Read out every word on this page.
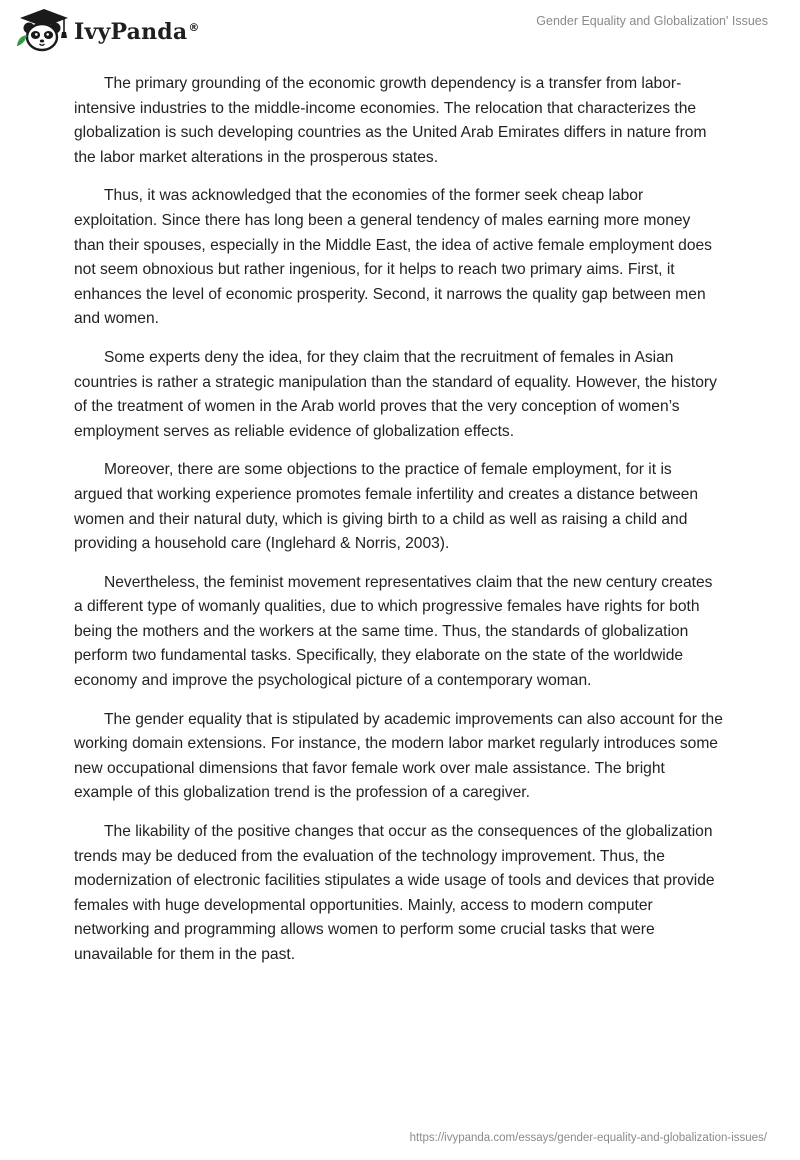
IvyPanda®	Gender Equality and Globalization' Issues

The primary grounding of the economic growth dependency is a transfer from labor-intensive industries to the middle-income economies. The relocation that characterizes the globalization is such developing countries as the United Arab Emirates differs in nature from the labor market alterations in the prosperous states.

Thus, it was acknowledged that the economies of the former seek cheap labor exploitation. Since there has long been a general tendency of males earning more money than their spouses, especially in the Middle East, the idea of active female employment does not seem obnoxious but rather ingenious, for it helps to reach two primary aims. First, it enhances the level of economic prosperity. Second, it narrows the quality gap between men and women.

Some experts deny the idea, for they claim that the recruitment of females in Asian countries is rather a strategic manipulation than the standard of equality. However, the history of the treatment of women in the Arab world proves that the very conception of women’s employment serves as reliable evidence of globalization effects.

Moreover, there are some objections to the practice of female employment, for it is argued that working experience promotes female infertility and creates a distance between women and their natural duty, which is giving birth to a child as well as raising a child and providing a household care (Inglehard & Norris, 2003).

Nevertheless, the feminist movement representatives claim that the new century creates a different type of womanly qualities, due to which progressive females have rights for both being the mothers and the workers at the same time. Thus, the standards of globalization perform two fundamental tasks. Specifically, they elaborate on the state of the worldwide economy and improve the psychological picture of a contemporary woman.

The gender equality that is stipulated by academic improvements can also account for the working domain extensions. For instance, the modern labor market regularly introduces some new occupational dimensions that favor female work over male assistance. The bright example of this globalization trend is the profession of a caregiver.

The likability of the positive changes that occur as the consequences of the globalization trends may be deduced from the evaluation of the technology improvement. Thus, the modernization of electronic facilities stipulates a wide usage of tools and devices that provide females with huge developmental opportunities. Mainly, access to modern computer networking and programming allows women to perform some crucial tasks that were unavailable for them in the past.

https://ivypanda.com/essays/gender-equality-and-globalization-issues/
